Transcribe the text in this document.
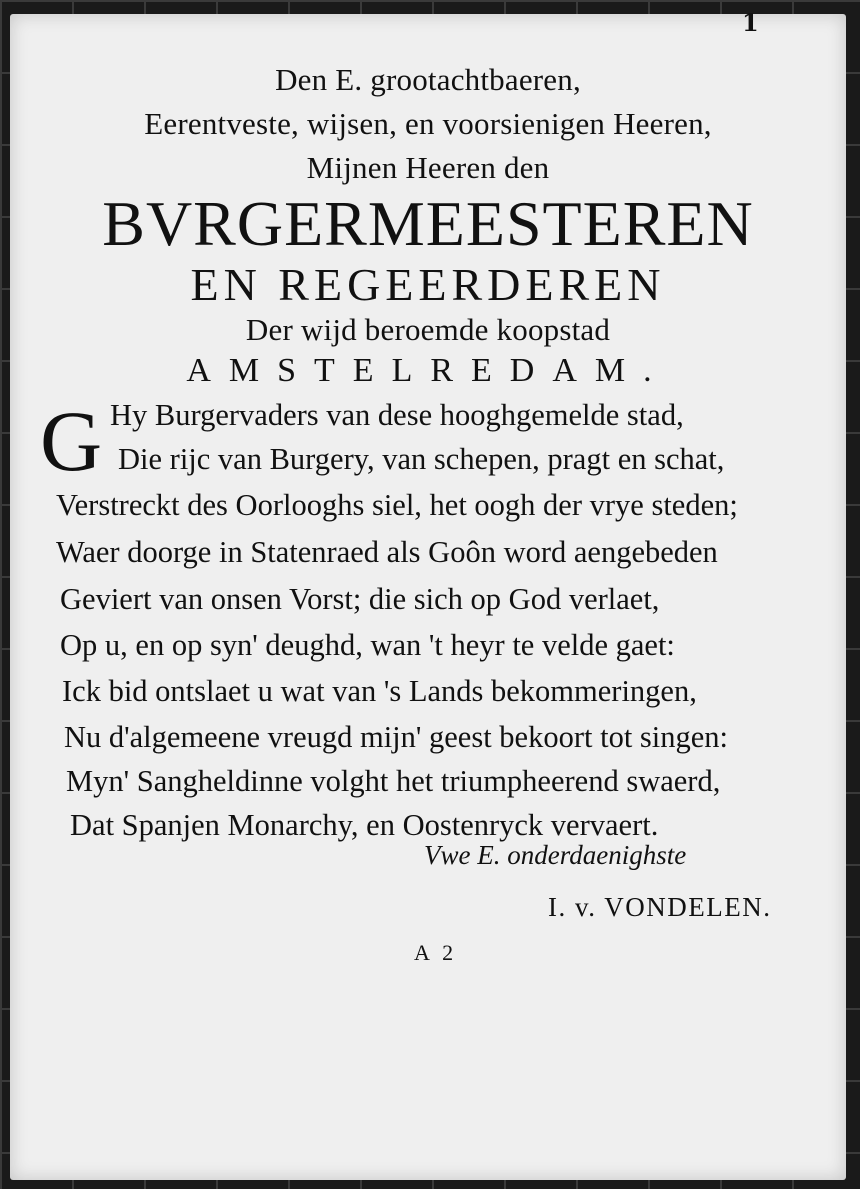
1

Den E. grootachtbaeren,

Eerentveste, wijsen, en voorsienigen Heeren,

Mijnen Heeren den

BVRGERMEESTEREN
EN REGEERDEREN

Der wijd beroemde koopstad

AMSTELREDAM.

G Hy Burgervaders van dese hooghgemelde stad,
Die rijc van Burgery, van schepen, pragt en schat,
Verstreckt des Oorlooghs siel, het oogh der vrye steden;
Waer doorge in Statenraed als Goôn word aengebeden
Geviert van onsen Vorst; die sich op God verlaet,
Op u, en op syn' deughd, wan 't heyr te velde gaet:
Ick bid ontslaet u wat van 's Lands bekommeringen,
Nu d'algemeene vreugd mijn' geest bekoort tot singen:
Myn' Sangheldinne volght het triumpheerend swaerd,
Dat Spanjen Monarchy, en Oostenryck vervaert.
Vwe E. onderdaenighste
I. v. VONDELEN.
A 2
